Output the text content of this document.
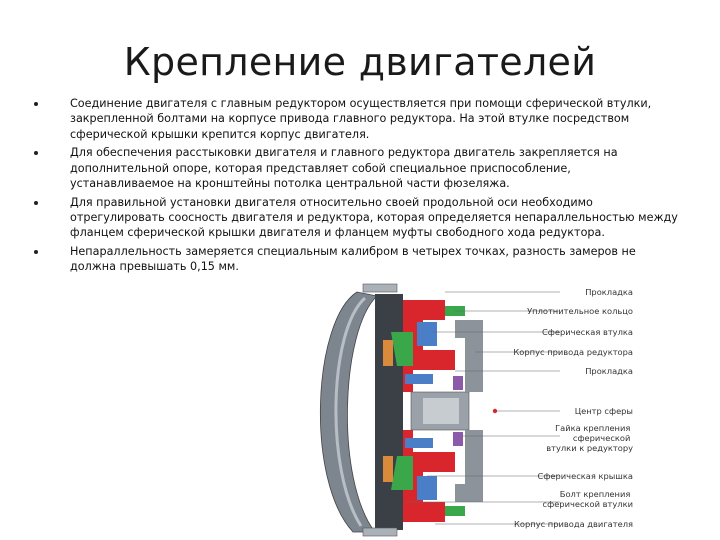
Крепление двигателей
Соединение двигателя с главным редуктором осуществляется при помощи сферической втулки, закрепленной болтами на корпусе привода главного редуктора. На этой втулке посредством сферической крышки крепится корпус двигателя.
Для обеспечения расстыковки двигателя и главного редуктора двигатель закрепляется на дополнительной опоре, которая представляет собой специальное приспособление, устанавливаемое на кронштейны потолка центральной части фюзеляжа.
Для правильной установки двигателя относительно своей продольной оси необходимо отрегулировать соосность двигателя и редуктора, которая определяется непараллельностью между фланцем сферической крышки двигателя и фланцем муфты свободного хода редуктора.
Непараллельность замеряется специальным калибром в четырех точках, разность замеров не должна превышать 0,15 мм.
Прокладка
Уплотнительное кольцо
Сферическая втулка
Корпус привода редуктора
Прокладка
Центр сферы
Гайка крепления сферической втулки к редуктору
Сферическая крышка
Болт крепления сферической втулки
Корпус привода двигателя
